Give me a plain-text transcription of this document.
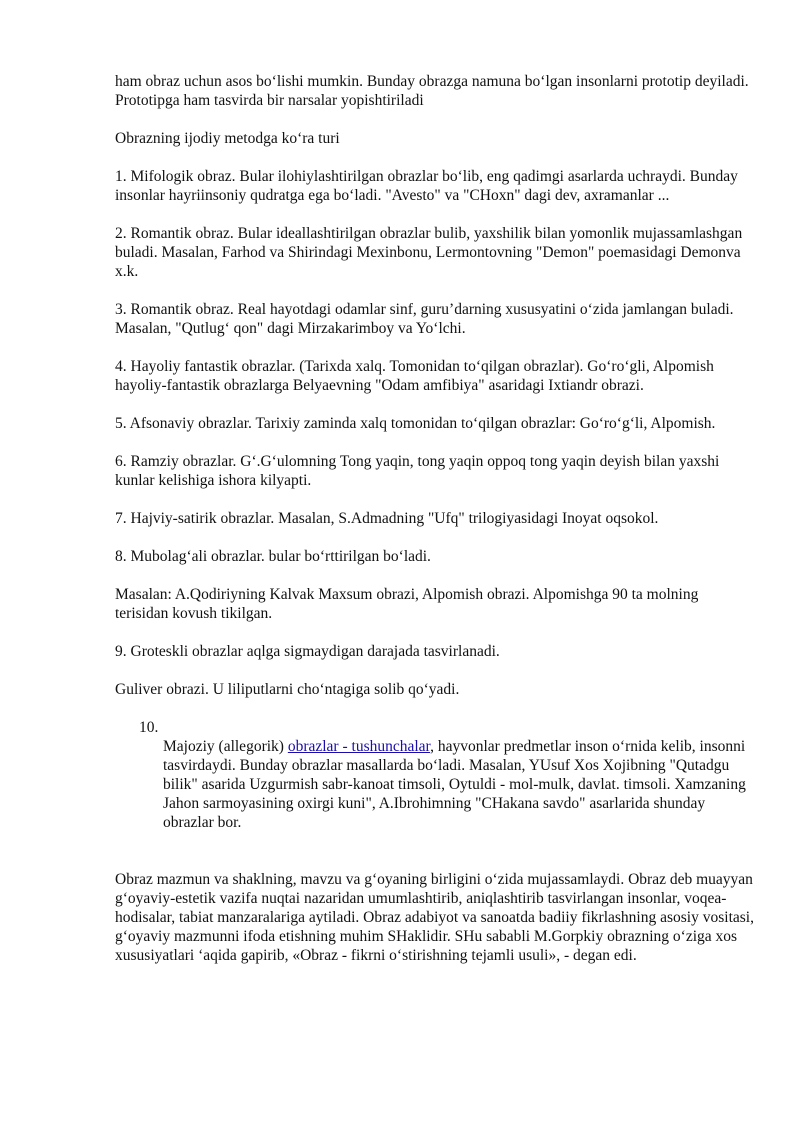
ham obraz uchun asos bo‘lishi mumkin. Bunday obrazga namuna bo‘lgan insonlarni prototip deyiladi. Prototipga ham tasvirda bir narsalar yopishtiriladi

Obrazning ijodiy metodga ko‘ra turi

1. Mifologik obraz. Bular ilohiylashtirilgan obrazlar bo‘lib, eng qadimgi asarlarda uchraydi. Bunday insonlar hayriinsoniy qudratga ega bo‘ladi. "Avesto" va "CHoxn" dagi dev, axramanlar ...

2. Romantik obraz. Bular ideallashtirilgan obrazlar bulib, yaxshilik bilan yomonlik mujassamlashgan buladi. Masalan, Farhod va Shirindagi Mexinbonu, Lermontovning "Demon" poemasidagi Demonva x.k.

3. Romantik obraz. Real hayotdagi odamlar sinf, guru’darning xususyatini o‘zida jamlangan buladi. Masalan, "Qutlug‘ qon" dagi Mirzakarimboy va Yo‘lchi.

4. Hayoliy fantastik obrazlar. (Tarixda xalq. Tomonidan to‘qilgan obrazlar). Go‘ro‘gli, Alpomish hayoliy-fantastik obrazlarga Belyaevning "Odam amfibiya" asaridagi Ixtiandr obrazi.

5. Afsonaviy obrazlar. Tarixiy zaminda xalq tomonidan to‘qilgan obrazlar: Go‘ro‘g‘li, Alpomish.

6. Ramziy obrazlar. G‘.G‘ulomning Tong yaqin, tong yaqin oppoq tong yaqin deyish bilan yaxshi kunlar kelishiga ishora kilyapti.

7. Hajviy-satirik obrazlar. Masalan, S.Admadning "Ufq" trilogiyasidagi Inoyat oqsokol.

8. Mubolag‘ali obrazlar. bular bo‘rttirilgan bo‘ladi.

Masalan: A.Qodiriyning Kalvak Maxsum obrazi, Alpomish obrazi. Alpomishga 90 ta molning terisidan kovush tikilgan.

9. Groteskli obrazlar aqlga sigmaydigan darajada tasvirlanadi.

Guliver obrazi. U liliputlarni cho‘ntagiga solib qo‘yadi.

10.
Majoziy (allegorik) obrazlar - tushunchalar, hayvonlar predmetlar inson o‘rnida kelib, insonni tasvirdaydi. Bunday obrazlar masallarda bo‘ladi. Masalan, YUsuf Xos Xojibning "Qutadgu bilik" asarida Uzgurmish sabr-kanoat timsoli, Oytuldi - mol-mulk, davlat. timsoli. Xamzaning Jahon sarmoyasining oxirgi kuni", A.Ibrohimning "CHakana savdo" asarlarida shunday obrazlar bor.

Obraz mazmun va shaklning, mavzu va g‘oyaning birligini o‘zida mujassamlaydi. Obraz deb muayyan g‘oyaviy-estetik vazifa nuqtai nazaridan umumlashtirib, aniqlashtirib tasvirlangan insonlar, voqea-hodisalar, tabiat manzaralariga aytiladi. Obraz adabiyot va sanoatda badiiy fikrlashning asosiy vositasi, g‘oyaviy mazmunni ifoda etishning muhim SHaklidir. SHu sababli M.Gorpkiy obrazning o‘ziga xos xususiyatlari ‘aqida gapirib, «Obraz - fikrni o‘stirishning tejamli usuli», - degan edi.
